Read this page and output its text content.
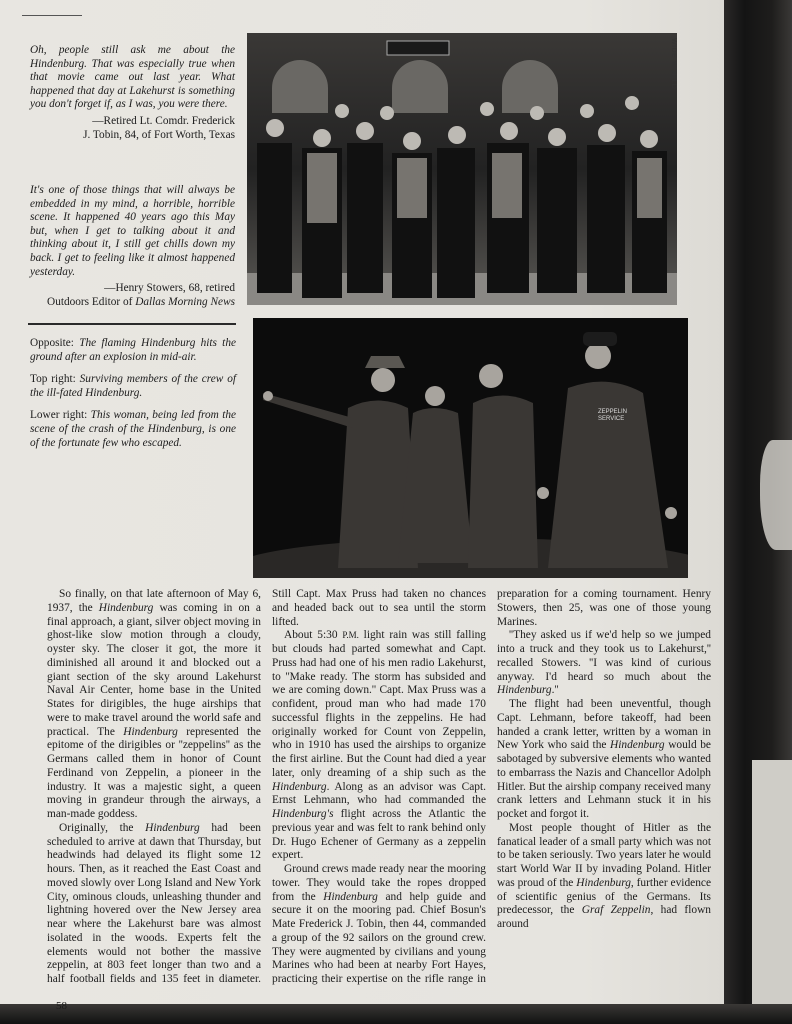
Oh, people still ask me about the Hindenburg. That was especially true when that movie came out last year. What happened that day at Lakehurst is something you don't forget if, as I was, you were there.
—Retired Lt. Comdr. Frederick
J. Tobin, 84, of Fort Worth, Texas
It's one of those things that will always be embedded in my mind, a horrible, horrible scene. It happened 40 years ago this May but, when I get to talking about it and thinking about it, I still get chills down my back. I get to feeling like it almost happened yesterday.
—Henry Stowers, 68, retired
Outdoors Editor of Dallas Morning News

Opposite: The flaming Hindenburg hits the ground after an explosion in mid-air.

Top right: Surviving members of the crew of the ill-fated Hindenburg.

Lower right: This woman, being led from the scene of the crash of the Hindenburg, is one of the fortunate few who escaped.

WIDE WORLD
ZEPPELIN SERVICE

So finally, on that late afternoon of May 6, 1937, the Hindenburg was coming in on a final approach, a giant, silver object moving in ghost-like slow motion through a cloudy, oyster sky. The closer it got, the more it diminished all around it and blocked out a giant section of the sky around Lakehurst Naval Air Center, home base in the United States for dirigibles, the huge airships that were to make travel around the world safe and practical. The Hindenburg represented the epitome of the dirigibles or ''zeppelins'' as the Germans called them in honor of Count Ferdinand von Zeppelin, a pioneer in the industry. It was a majestic sight, a queen moving in grandeur through the airways, a man-made goddess.

Originally, the Hindenburg had been scheduled to arrive at dawn that Thursday, but headwinds had delayed its flight some 12 hours. Then, as it reached the East Coast and moved slowly over Long Island and New York City, ominous clouds, unleashing thunder and lightning hovered over the New Jersey area near where the Lakehurst bare was almost isolated in the woods. Experts felt the elements would not bother the massive zeppelin, at 803 feet longer than two and a half football fields and 135 feet in diameter. Still Capt. Max Pruss had taken no chances and headed back out to sea until the storm lifted.

About 5:30 P.M. light rain was still falling but clouds had parted somewhat and Capt. Pruss had had one of his men radio Lakehurst, to ''Make ready. The storm has subsided and we are coming down.'' Capt. Max Pruss was a confident, proud man who had made 170 successful flights in the zeppelins. He had originally worked for Count von Zeppelin, who in 1910 has used the airships to organize the first airline. But the Count had died a year later, only dreaming of a ship such as the Hindenburg. Along as an advisor was Capt. Ernst Lehmann, who had commanded the Hindenburg's flight across the Atlantic the previous year and was felt to rank behind only Dr. Hugo Echener of Germany as a zeppelin expert.

Ground crews made ready near the mooring tower. They would take the ropes dropped from the Hindenburg and help guide and secure it on the mooring pad. Chief Bosun's Mate Frederick J. Tobin, then 44, commanded a group of the 92 sailors on the ground crew. They were augmented by civilians and young Marines who had been at nearby Fort Hayes, practicing their expertise on the rifle range in preparation for a coming tournament. Henry Stowers, then 25, was one of those young Marines.

''They asked us if we'd help so we jumped into a truck and they took us to Lakehurst,'' recalled Stowers. ''I was kind of curious anyway. I'd heard so much about the Hindenburg.''

The flight had been uneventful, though Capt. Lehmann, before takeoff, had been handed a crank letter, written by a woman in New York who said the Hindenburg would be sabotaged by subversive elements who wanted to embarrass the Nazis and Chancellor Adolph Hitler. But the airship company received many crank letters and Lehmann stuck it in his pocket and forgot it.

Most people thought of Hitler as the fanatical leader of a small party which was not to be taken seriously. Two years later he would start World War II by invading Poland. Hitler was proud of the Hindenburg, further evidence of scientific genius of the Germans. Its predecessor, the Graf Zeppelin, had flown around

58
